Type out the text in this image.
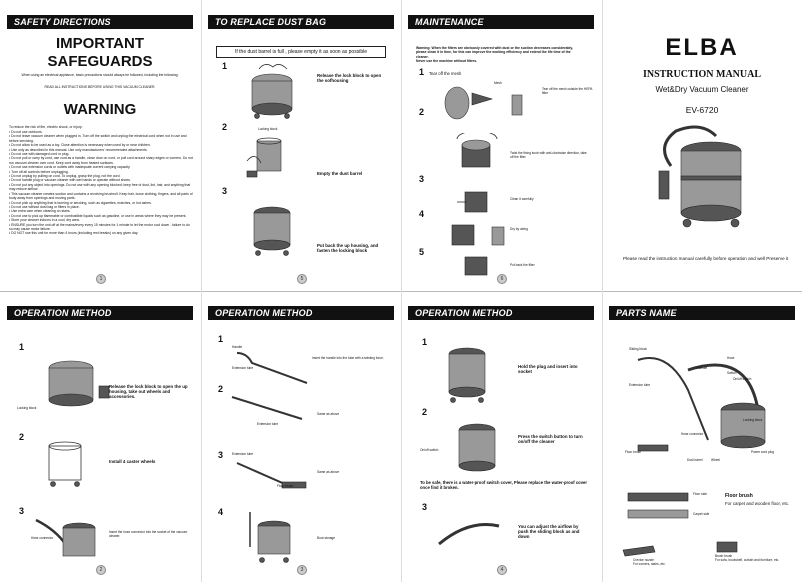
SAFETY DIRECTIONS
IMPORTANT
SAFEGUARDS
When using an electrical appliance, basic precautions should always be followed, including the following:
READ ALL INSTRUCTIONS BEFORE USING THIS VACUUM CLEANER.
WARNING
To reduce the risk of fire, electric shock, or injury:
• Do not use outdoors.
• Do not leave vacuum cleaner when plugged in. Turn off the switch and unplug the electrical cord when not in use and before servicing.
• Do not allow to be used as a toy. Close attention is necessary when used by or near children.
• Use only as described in this manual. Use only manufacturers' recommended attachments.
• Do not use with damaged cord or plug.
• Do not pull or carry by cord, use cord as a handle, close door on cord, or pull cord around sharp edges or corners. Do not run vacuum cleaner over cord. Keep cord away from heated surfaces.
• Do not use extension cords or outlets with inadequate current carrying capacity.
• Turn off all controls before unplugging.
• Do not unplug by pulling on cord. To unplug, grasp the plug, not the cord.
• Do not handle plug or vacuum cleaner with wet hands or operate without shoes.
• Do not put any object into openings. Do not use with any opening blocked; keep free of dust, lint, hair, and anything that may reduce airflow.
• This vacuum cleaner creates suction and contains a revolving brushroll. Keep hair, loose clothing, fingers, and all parts of body away from openings and moving parts.
• Do not pick up anything that is burning or smoking, such as cigarettes, matches, or hot ashes.
• Do not use without dust bag or filters in place.
• Use extra care when cleaning on stairs.
• Do not use to pick up flammable or combustible liquids such as gasoline, or use in areas where they may be present.
• Store your cleaner indoors in a cool, dry area.
• ENSURE you turn the unit off at the mains/every every 15 minutes for 1 minute to let the motor cool down - failure to do so may cause motor failure.
• DO NOT use this unit for more than 4 hours (including rest breaks) on any given day.
1
TO REPLACE DUST BAG
If the dust barrel is full , please empty it as soon as possible
1
Locking block
Release the lock block to open the sofhousing
2
Empty the dust barrel
3
Put back the up housing, and fasten the locking block
5
MAINTENANCE
Warning: When the filters are obviously covered with dust or the suction decreases considerably, please clean it in time, for this can improve the working efficiency and extend the life time of the cleaner.
Never use the machine without filters.
1 Tear off the mesh
Mesh
Tear off the mesh outside the HEPA filter
2
Twist the fixing knob with anti-clockwise direction, take off the filter
3
Clean it carefully
4
Dry by airing
5
Put back the filter
6
ELBA
INSTRUCTION MANUAL
Wet&Dry Vacuum Cleaner
EV-6720
Please read the instruction manual carefully before operation and well Preserve it
OPERATION METHOD
1
Locking block
Release the lock block to open the up housing, take out wheels and accessories.
2
Install 4 caster wheels
3
Hose connector
Insert the hose connector into the socket of the vacuum cleaner.
2
OPERATION METHOD
1
Handle
Extension tube
Insert the handle into the tube with a twisting force.
2
Extension tube
Same as above
3	Extension tube
Floor brush
Same as above
4
Boot storage
3
OPERATION METHOD
1
Hold the plug and insert into socket
2
On/off switch
Press the switch button to turn on/off the cleaner
To be safe, there is a water-proof switch cover, Please replace the water-proof cover once find it broken.
3
You can adjust the airflow by push the sliding block as and down
4
PARTS NAME
Sliding block
Hose
Handle
Switch
On/off switch
Extension tube
Locking block
Hose connector
Floor brush	Power cord plug
Dust barrel	Wheel
Floor side
Carpet side
Floor brush
For carpet and wooden floor, etc.
Crevice nozzle
For corners, stairs, etc.
Brush brush
For sofa, bookshelf, curtain and furniture, etc.
